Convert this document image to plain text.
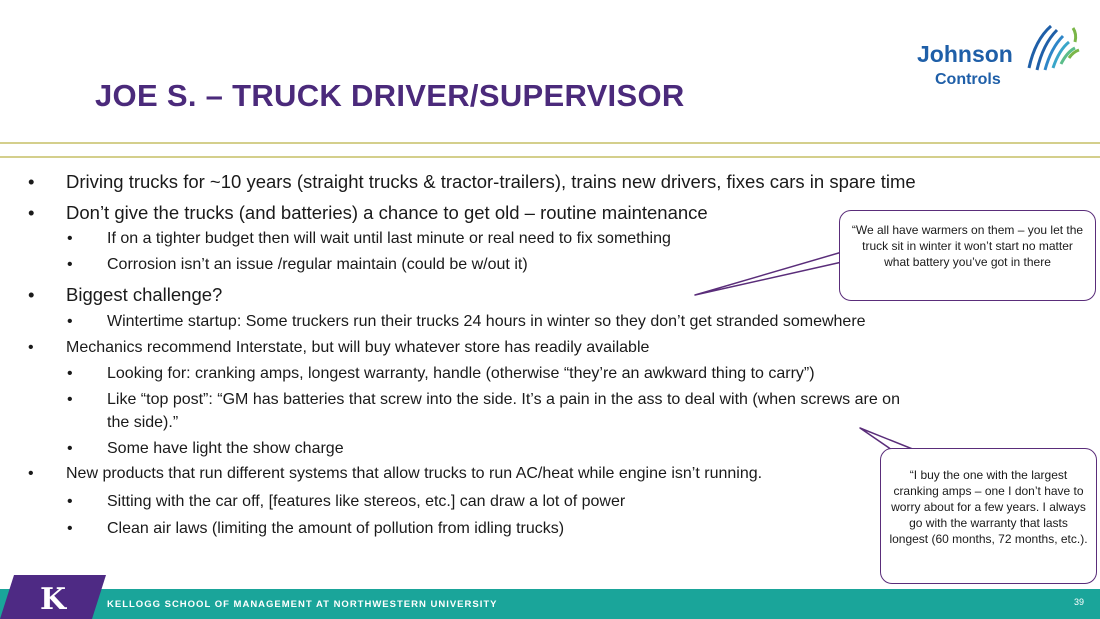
JOE S. – TRUCK DRIVER/SUPERVISOR
Johnson
Controls
• Driving trucks for ~10 years (straight trucks & tractor-trailers), trains new drivers, fixes cars in spare time
• Don’t give the trucks (and batteries) a chance to get old – routine maintenance
• If on a tighter budget then will wait until last minute or real need to fix something
• Corrosion isn’t an issue /regular maintain (could be w/out it)
• Biggest challenge?
• Wintertime startup: Some truckers run their trucks 24 hours in winter so they don’t get stranded somewhere
• Mechanics recommend Interstate, but will buy whatever store has readily available
• Looking for: cranking amps, longest warranty, handle (otherwise “they’re an awkward thing to carry”)
• Like “top post”: “GM has batteries that screw into the side. It’s a pain in the ass to deal with (when screws are on
the side).”
• Some have light the show charge
• New products that run different systems that allow trucks to run AC/heat while engine isn’t running.
• Sitting with the car off, [features like stereos, etc.] can draw a lot of power
• Clean air laws (limiting the amount of pollution from idling trucks)
“We all have warmers on them – you let the truck sit in winter it won’t start no matter what battery you’ve got in there
“I buy the one with the largest cranking amps – one I don’t have to worry about for a few years. I always go with the warranty that lasts longest (60 months, 72 months, etc.).
K	KELLOGG SCHOOL OF MANAGEMENT AT NORTHWESTERN UNIVERSITY	39
